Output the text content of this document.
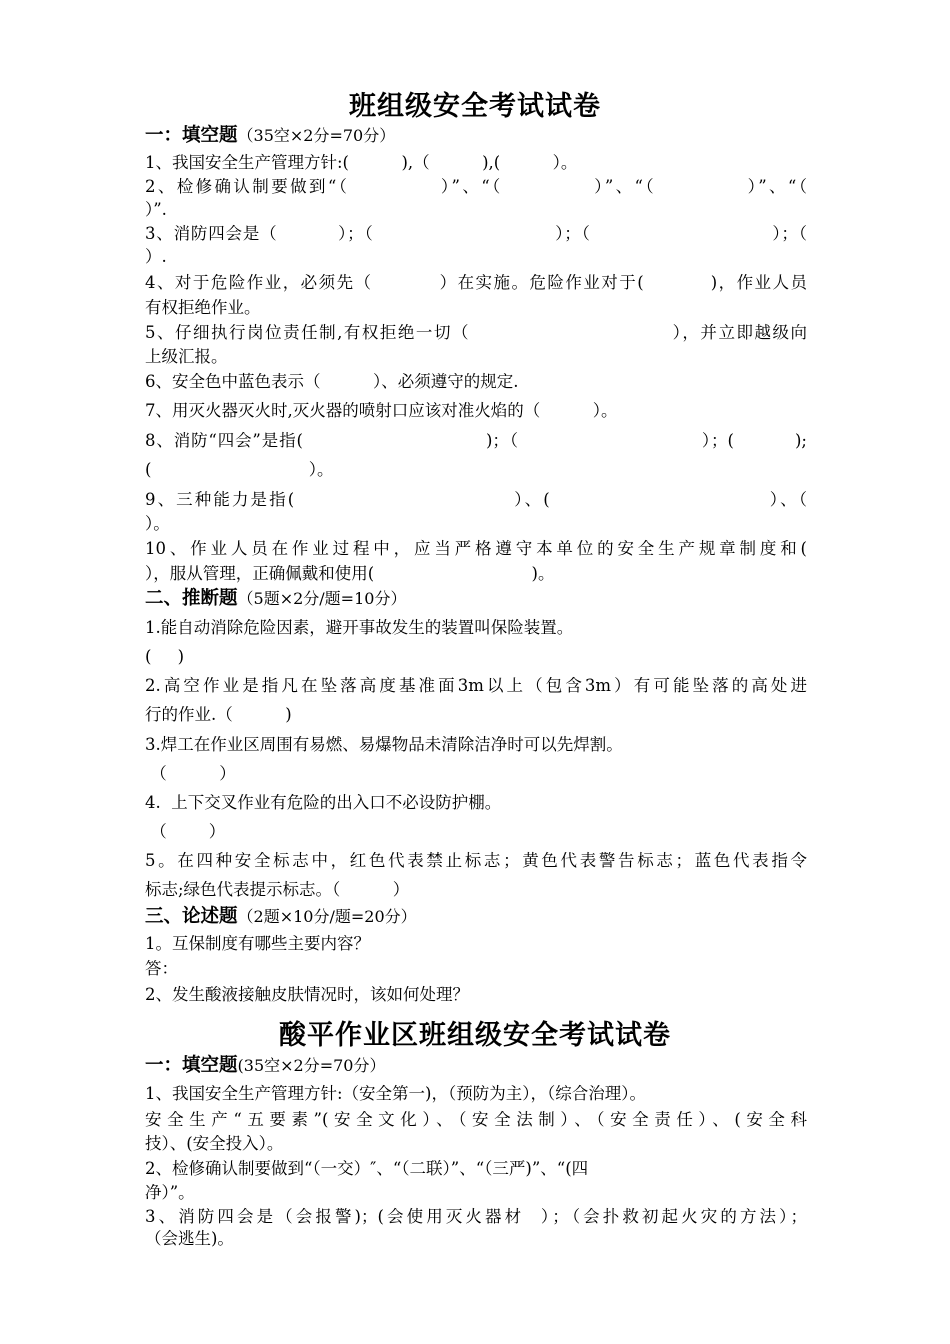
班组级安全考试试卷
一：填空题（35空×2分=70分）
1、我国安全生产管理方针:(          ),（          ),(          ）。
2、检修确认制要做到“（            ）”、“（            ）”、“（            ）”、“（
）”.
3、消防四会是（          ）；（                              ）；（                              ）；（
）.
4、对于危险作业，必须先（          ）在实施。危险作业对于(          )，作业人员
有权拒绝作业。
5、仔细执行岗位责任制,有权拒绝一切（                              ），并立即越级向
上级汇报。
6、安全色中蓝色表示（          ）、必须遵守的规定.
7、用灭火器灭火时,灭火器的喷射口应该对准火焰的（          ）。
8、消防“四会”是指(                              )；（                              ）；(          );
(                              ）。
9、三种能力是指(                              ）、(                              ）、（
）。
10、作业人员在作业过程中，应当严格遵守本单位的安全生产规章制度和(
），服从管理，正确佩戴和使用(                              )。
二、推断题（5题×2分/题=10分）
1.能自动消除危险因素，避开事故发生的装置叫保险装置。
(     )
2.高空作业是指凡在坠落高度基准面3m以上（包含3m）有可能坠落的高处进
行的作业.（          )
3.焊工在作业区周围有易燃、易爆物品未清除洁净时可以先焊割。
（          ）
4.  上下交叉作业有危险的出入口不必设防护棚。
（        ）
5。在四种安全标志中，红色代表禁止标志；黄色代表警告标志；蓝色代表指令
标志;绿色代表提示标志。（          ）
三、论述题（2题×10分/题=20分）
1。互保制度有哪些主要内容？
答：
2、发生酸液接触皮肤情况时，该如何处理？
酸平作业区班组级安全考试试卷
一：填空题(35空×2分=70分）
1、我国安全生产管理方针:（安全第一)，（预防为主），（综合治理）。
安全生产“五要素”(安全文化）、（安全法制）、（安全责任）、(安全科
技）、(安全投入）。
2、检修确认制要做到“（一交）″、“（二联）”、“（三严)”、“(四
净）”。
3、消防四会是（会报警)；(会使用灭火器材  ）；（会扑救初起火灾的方法）；
（会逃生)。
